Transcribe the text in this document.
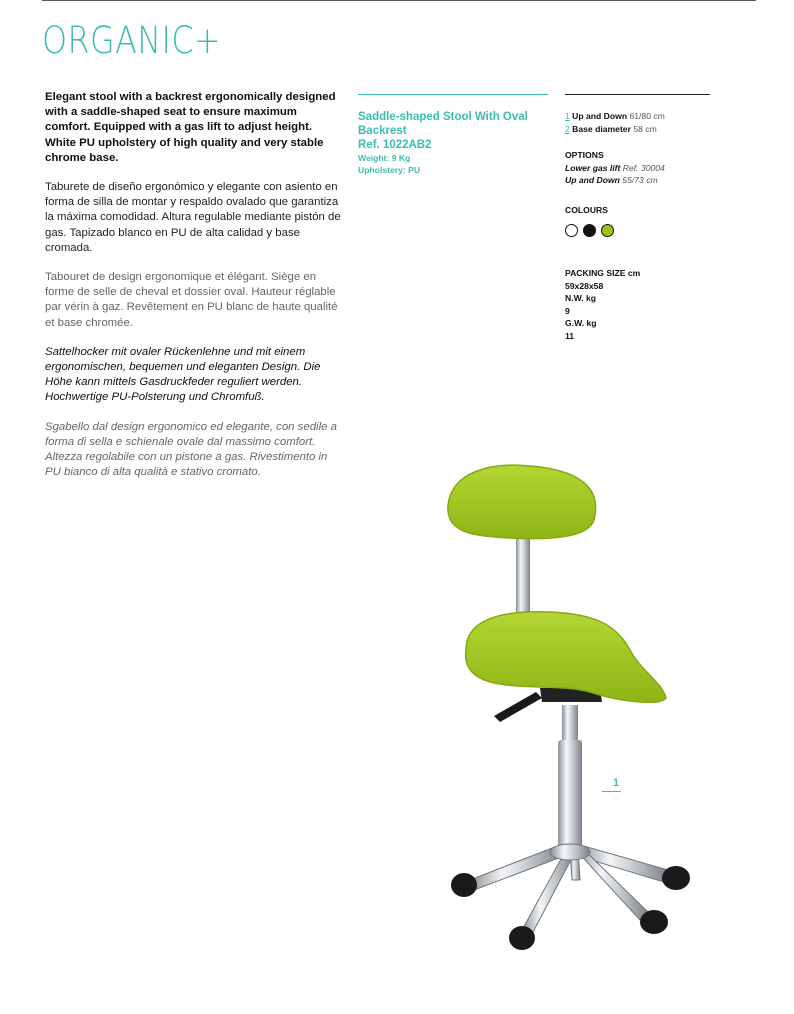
ORGANIC+

Elegant stool with a backrest ergonomically designed with a saddle-shaped seat to ensure maximum comfort. Equipped with a gas lift to adjust height. White PU upholstery of high quality and very stable chrome base.

Taburete de diseño ergonómico y elegante con asiento en forma de silla de montar y respaldo ovalado que garantiza la máxima comodidad. Altura regulable mediante pistón de gas. Tapizado blanco en PU de alta calidad y base cromada.

Tabouret de design ergonomique et élégant. Siège en forme de selle de cheval et dossier oval. Hauteur réglable par vérin à gaz. Revêtement en PU blanc de haute qualité et base chromée.

Sattelhocker mit ovaler Rückenlehne und mit einem ergonomischen, bequemen und eleganten Design. Die Höhe kann mittels Gasdruckfeder reguliert werden. Hochwertige PU-Polsterung und Chromfuß.

Sgabello dal design ergonomico ed elegante, con sedile a forma di sella e schienale ovale dal massimo comfort. Altezza regolabile con un pistone a gas. Rivestimento in PU bianco di alta qualità e stativo cromato.

Saddle-shaped Stool With Oval Backrest
Ref. 1022AB2
Weight: 9 Kg
Upholstery: PU
1 Up and Down 61/80 cm
2 Base diameter 58 cm
OPTIONS
Lower gas lift Ref. 30004
Up and Down 55/73 cm
COLOURS
PACKING SIZE cm
59x28x58
N.W. kg
9
G.W. kg
11
1
